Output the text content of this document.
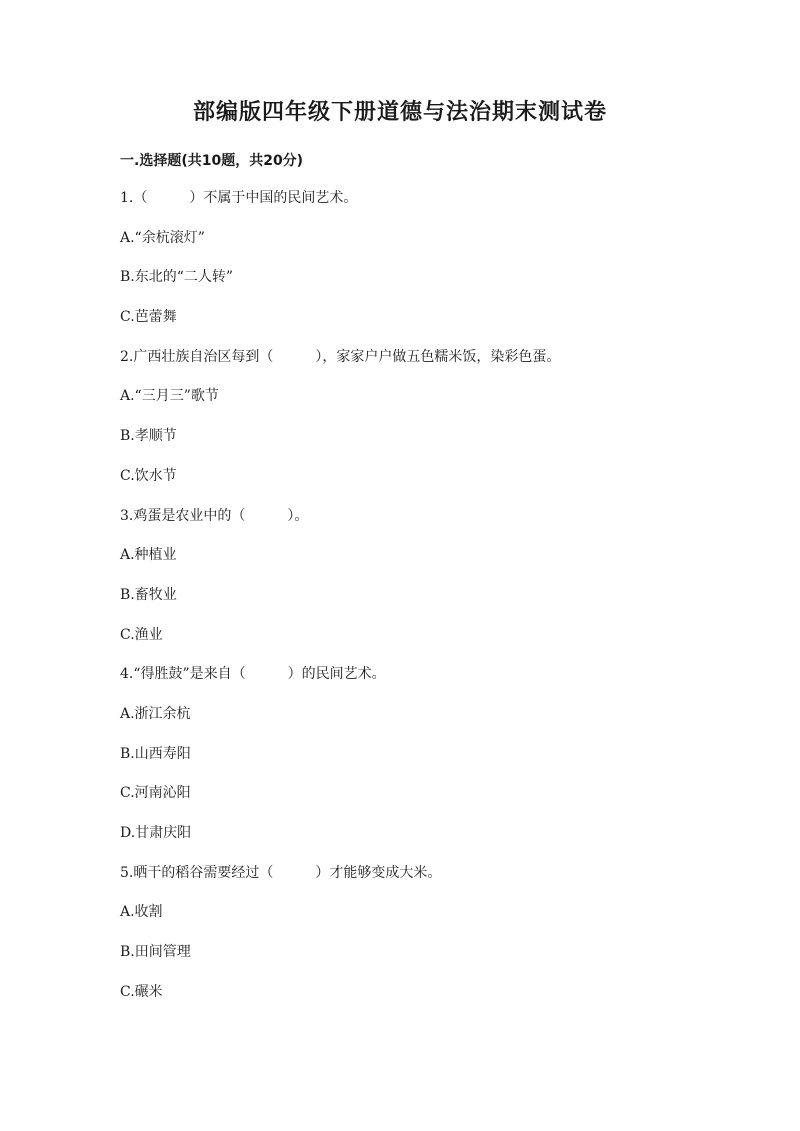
部编版四年级下册道德与法治期末测试卷
一.选择题(共10题，共20分)
1.（　　　）不属于中国的民间艺术。
A.“余杭滚灯”
B.东北的“二人转”
C.芭蕾舞
2.广西壮族自治区每到（　　　），家家户户做五色糯米饭，染彩色蛋。
A.“三月三”歌节
B.孝顺节
C.饮水节
3.鸡蛋是农业中的（　　　）。
A.种植业
B.畜牧业
C.渔业
4.“得胜鼓”是来自（　　　）的民间艺术。
A.浙江余杭
B.山西寿阳
C.河南沁阳
D.甘肃庆阳
5.晒干的稻谷需要经过（　　　）才能够变成大米。
A.收割
B.田间管理
C.碾米
